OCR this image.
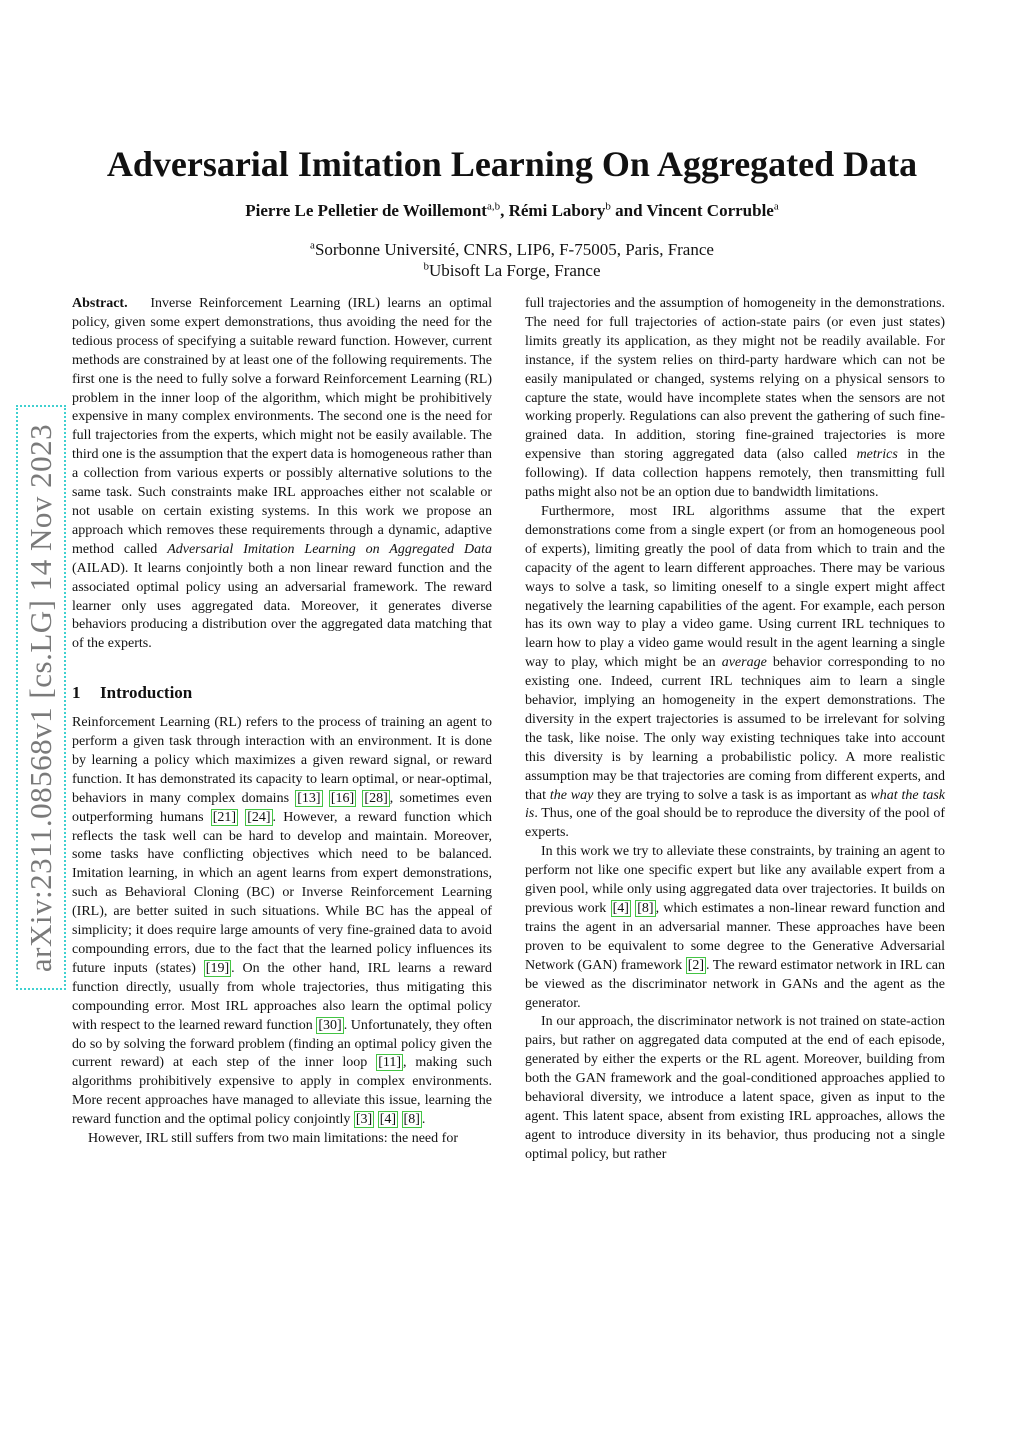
arXiv:2311.08568v1 [cs.LG] 14 Nov 2023
Adversarial Imitation Learning On Aggregated Data
Pierre Le Pelletier de Woillemont$^{a,b}$, Rémi Labory$^b$ and Vincent Corruble$^a$
$^a$Sorbonne Université, CNRS, LIP6, F-75005, Paris, France
$^b$Ubisoft La Forge, France

Abstract. Inverse Reinforcement Learning (IRL) learns an optimal policy, given some expert demonstrations, thus avoiding the need for the tedious process of specifying a suitable reward function. However, current methods are constrained by at least one of the following requirements. The first one is the need to fully solve a forward Reinforcement Learning (RL) problem in the inner loop of the algorithm, which might be prohibitively expensive in many complex environments. The second one is the need for full trajectories from the experts, which might not be easily available. The third one is the assumption that the expert data is homogeneous rather than a collection from various experts or possibly alternative solutions to the same task. Such constraints make IRL approaches either not scalable or not usable on certain existing systems. In this work we propose an approach which removes these requirements through a dynamic, adaptive method called Adversarial Imitation Learning on Aggregated Data (AILAD). It learns conjointly both a non linear reward function and the associated optimal policy using an adversarial framework. The reward learner only uses aggregated data. Moreover, it generates diverse behaviors producing a distribution over the aggregated data matching that of the experts.

1 Introduction

Reinforcement Learning (RL) refers to the process of training an agent to perform a given task through interaction with an environment. It is done by learning a policy which maximizes a given reward signal, or reward function. It has demonstrated its capacity to learn optimal, or near-optimal, behaviors in many complex domains [13] [16] [28] , sometimes even outperforming humans [21] [24] . However, a reward function which reflects the task well can be hard to develop and maintain. Moreover, some tasks have conflicting objectives which need to be balanced. Imitation learning, in which an agent learns from expert demonstrations, such as Behavioral Cloning (BC) or Inverse Reinforcement Learning (IRL), are better suited in such situations. While BC has the appeal of simplicity; it does require large amounts of very fine-grained data to avoid compounding errors, due to the fact that the learned policy influences its future inputs (states) [19] . On the other hand, IRL learns a reward function directly, usually from whole trajectories, thus mitigating this compounding error. Most IRL approaches also learn the optimal policy with respect to the learned reward function [30] . Unfortunately, they often do so by solving the forward problem (finding an optimal policy given the current reward) at each step of the inner loop [11] , making such algorithms prohibitively expensive to apply in complex environments. More recent approaches have managed to alleviate this issue, learning the reward function and the optimal policy conjointly [3] [4] [8] .

However, IRL still suffers from two main limitations: the need for

full trajectories and the assumption of homogeneity in the demonstrations. The need for full trajectories of action-state pairs (or even just states) limits greatly its application, as they might not be readily available. For instance, if the system relies on third-party hardware which can not be easily manipulated or changed, systems relying on a physical sensors to capture the state, would have incomplete states when the sensors are not working properly. Regulations can also prevent the gathering of such fine-grained data. In addition, storing fine-grained trajectories is more expensive than storing aggregated data (also called metrics in the following). If data collection happens remotely, then transmitting full paths might also not be an option due to bandwidth limitations.

Furthermore, most IRL algorithms assume that the expert demonstrations come from a single expert (or from an homogeneous pool of experts), limiting greatly the pool of data from which to train and the capacity of the agent to learn different approaches. There may be various ways to solve a task, so limiting oneself to a single expert might affect negatively the learning capabilities of the agent. For example, each person has its own way to play a video game. Using current IRL techniques to learn how to play a video game would result in the agent learning a single way to play, which might be an average behavior corresponding to no existing one. Indeed, current IRL techniques aim to learn a single behavior, implying an homogeneity in the expert demonstrations. The diversity in the expert trajectories is assumed to be irrelevant for solving the task, like noise. The only way existing techniques take into account this diversity is by learning a probabilistic policy. A more realistic assumption may be that trajectories are coming from different experts, and that the way they are trying to solve a task is as important as what the task is. Thus, one of the goal should be to reproduce the diversity of the pool of experts.

In this work we try to alleviate these constraints, by training an agent to perform not like one specific expert but like any available expert from a given pool, while only using aggregated data over trajectories. It builds on previous work [4] [8] , which estimates a non-linear reward function and trains the agent in an adversarial manner. These approaches have been proven to be equivalent to some degree to the Generative Adversarial Network (GAN) framework [2] . The reward estimator network in IRL can be viewed as the discriminator network in GANs and the agent as the generator.

In our approach, the discriminator network is not trained on state-action pairs, but rather on aggregated data computed at the end of each episode, generated by either the experts or the RL agent. Moreover, building from both the GAN framework and the goal-conditioned approaches applied to behavioral diversity, we introduce a latent space, given as input to the agent. This latent space, absent from existing IRL approaches, allows the agent to introduce diversity in its behavior, thus producing not a single optimal policy, but rather
